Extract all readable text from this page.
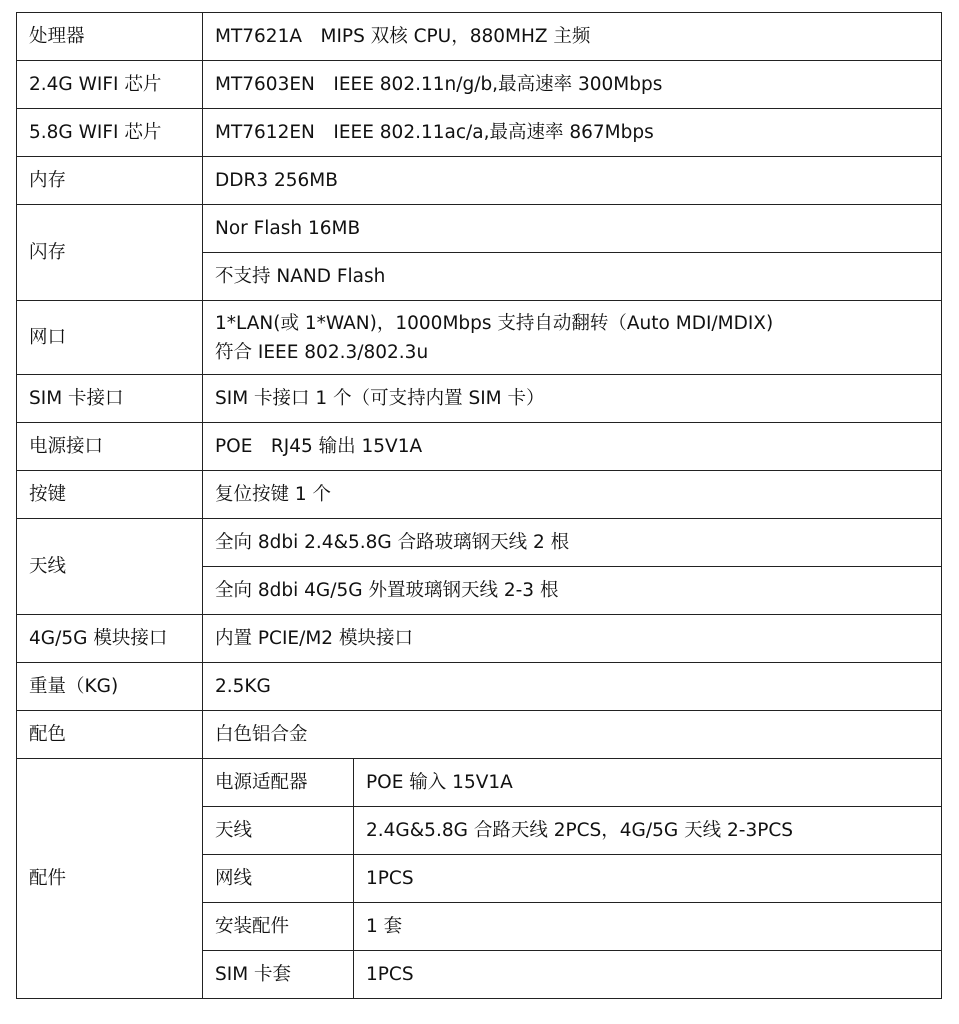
处理器	MT7621A　MIPS 双核 CPU，880MHZ 主频	
2.4G WIFI 芯片	MT7603EN　IEEE 802.11n/g/b,最高速率 300Mbps	
5.8G WIFI 芯片	MT7612EN　IEEE 802.11ac/a,最高速率 867Mbps	
内存	DDR3 256MB	
闪存	Nor Flash 16MB	
	不支持 NAND Flash	
网口	1*LAN(或 1*WAN)，1000Mbps 支持自动翻转（Auto MDI/MDIX)
符合 IEEE 802.3/802.3u	

SIM 卡接口	SIM 卡接口 1 个（可支持内置 SIM 卡）	
电源接口	POE　RJ45 输出 15V1A	
按键	复位按键 1 个	
天线	全向 8dbi 2.4&5.8G 合路玻璃钢天线 2 根	
	全向 8dbi 4G/5G 外置玻璃钢天线 2-3 根	
4G/5G 模块接口	内置 PCIE/M2 模块接口	
重量（KG)	2.5KG	
配色	白色铝合金	
配件	电源适配器	POE 输入 15V1A
	天线	2.4G&5.8G 合路天线 2PCS，4G/5G 天线 2-3PCS
	网线	1PCS
	安装配件	1 套
	SIM 卡套	1PCS
